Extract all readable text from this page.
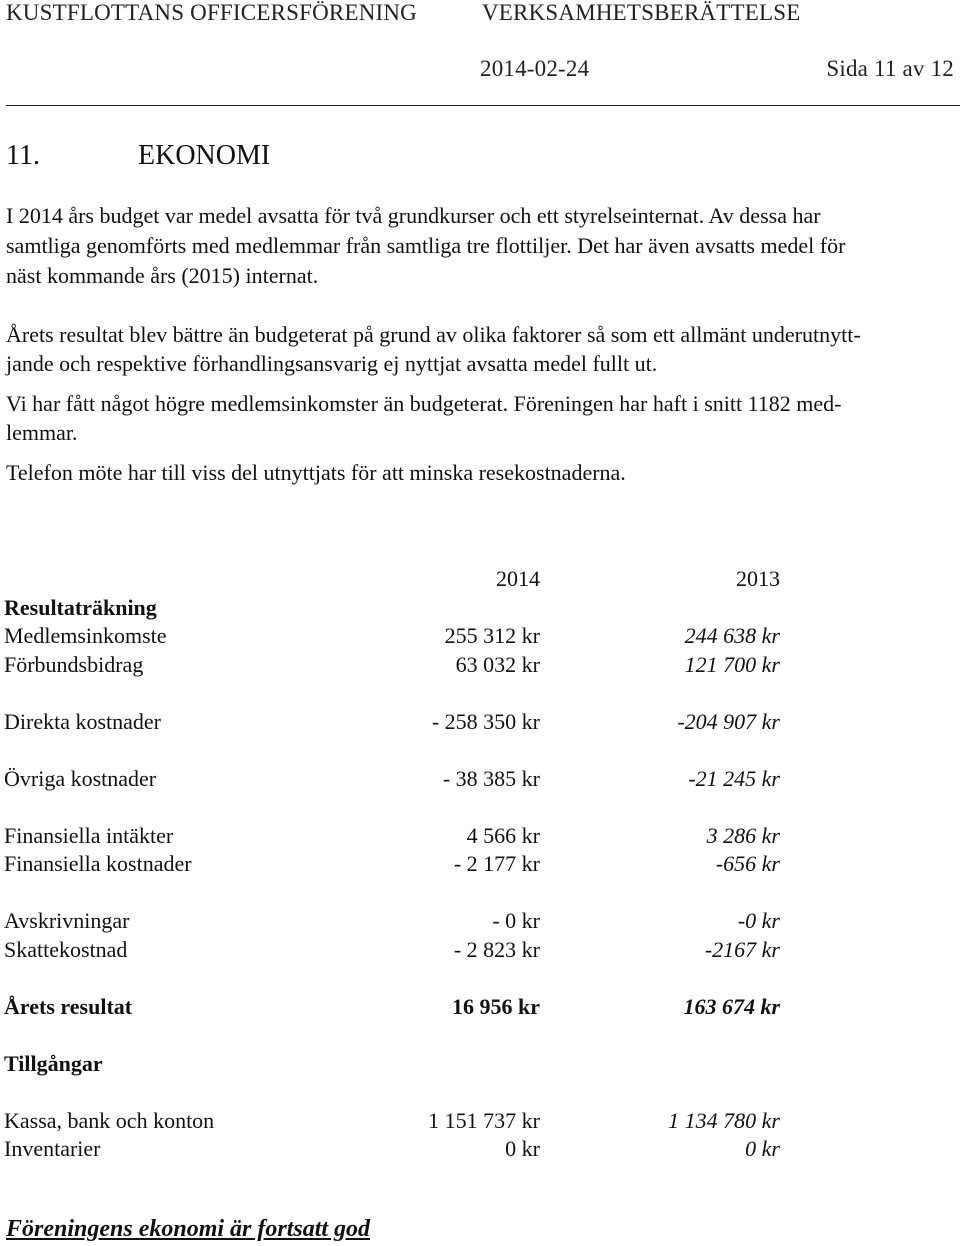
KUSTFLOTTANS OFFICERSFÖRENING	VERKSAMHETSBERÄTTELSE
2014-02-24	Sida 11 av 12
11.	EKONOMI
I 2014 års budget var medel avsatta för två grundkurser och ett styrelseinternat. Av dessa har
samtliga genomförts med medlemmar från samtliga tre flottiljer. Det har även avsatts medel för
näst kommande års (2015) internat.
Årets resultat blev bättre än budgeterat på grund av olika faktorer så som ett allmänt underutnytt-
jande och respektive förhandlingsansvarig ej nyttjat avsatta medel fullt ut.
Vi har fått något högre medlemsinkomster än budgeterat. Föreningen har haft i snitt 1182 med-
lemmar.
Telefon möte har till viss del utnyttjats för att minska resekostnaderna.
2014	2013
Resultaträkning
Medlemsinkomste	255 312 kr	244 638 kr
Förbundsbidrag	63 032 kr	121 700 kr
Direkta kostnader	- 258 350 kr	-204 907 kr
Övriga kostnader	- 38 385 kr	-21 245 kr
Finansiella intäkter	4 566 kr	3 286 kr
Finansiella kostnader	- 2 177 kr	-656 kr
Avskrivningar	- 0 kr	-0 kr
Skattekostnad	- 2 823 kr	-2167 kr
Årets resultat	16 956 kr	163 674 kr
Tillgångar
Kassa, bank och konton	1 151 737 kr	1 134 780 kr
Inventarier	0 kr	0 kr
Föreningens ekonomi är fortsatt god
